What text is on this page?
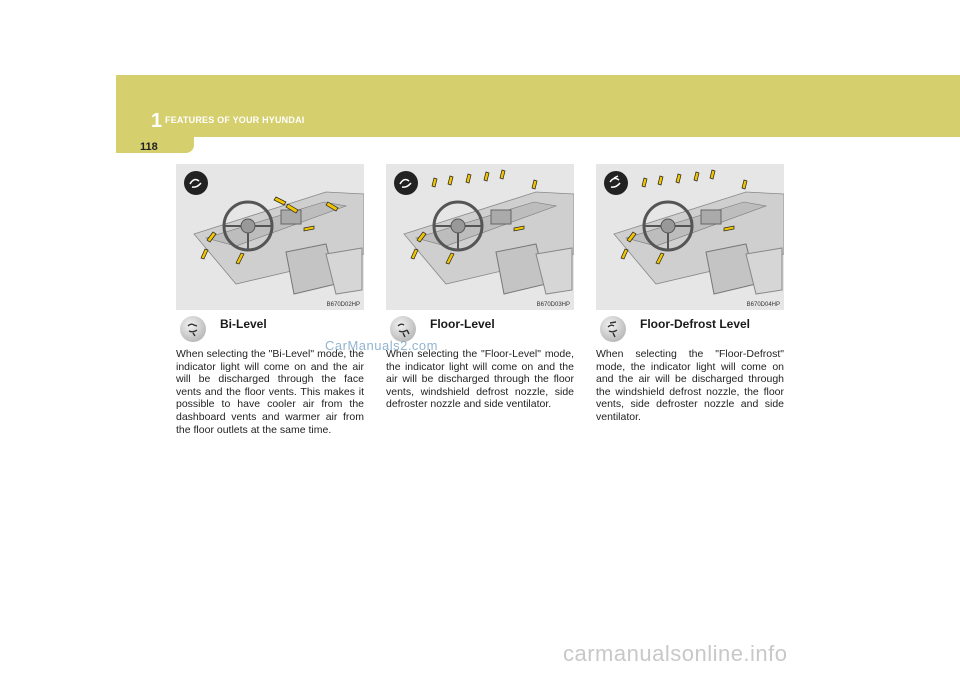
1 FEATURES OF YOUR HYUNDAI
118
B670D02HP
Bi-Level

When selecting the "Bi-Level" mode, the indicator light will come on and the air will be discharged through the face vents and the floor vents. This makes it possible to have cooler air from the dashboard vents and warmer air from the floor outlets at the same time.

B670D03HP
Floor-Level

When selecting the "Floor-Level" mode, the indicator light will come on and the air will be discharged through the floor vents, windshield defrost nozzle, side defroster nozzle and side ventilator.

B670D04HP
Floor-Defrost Level

When selecting the "Floor-Defrost" mode, the indicator light will come on and the air will be discharged through the windshield defrost nozzle, the floor vents, side defroster nozzle and side ventilator.

CarManuals2.com
carmanualsonline.info
